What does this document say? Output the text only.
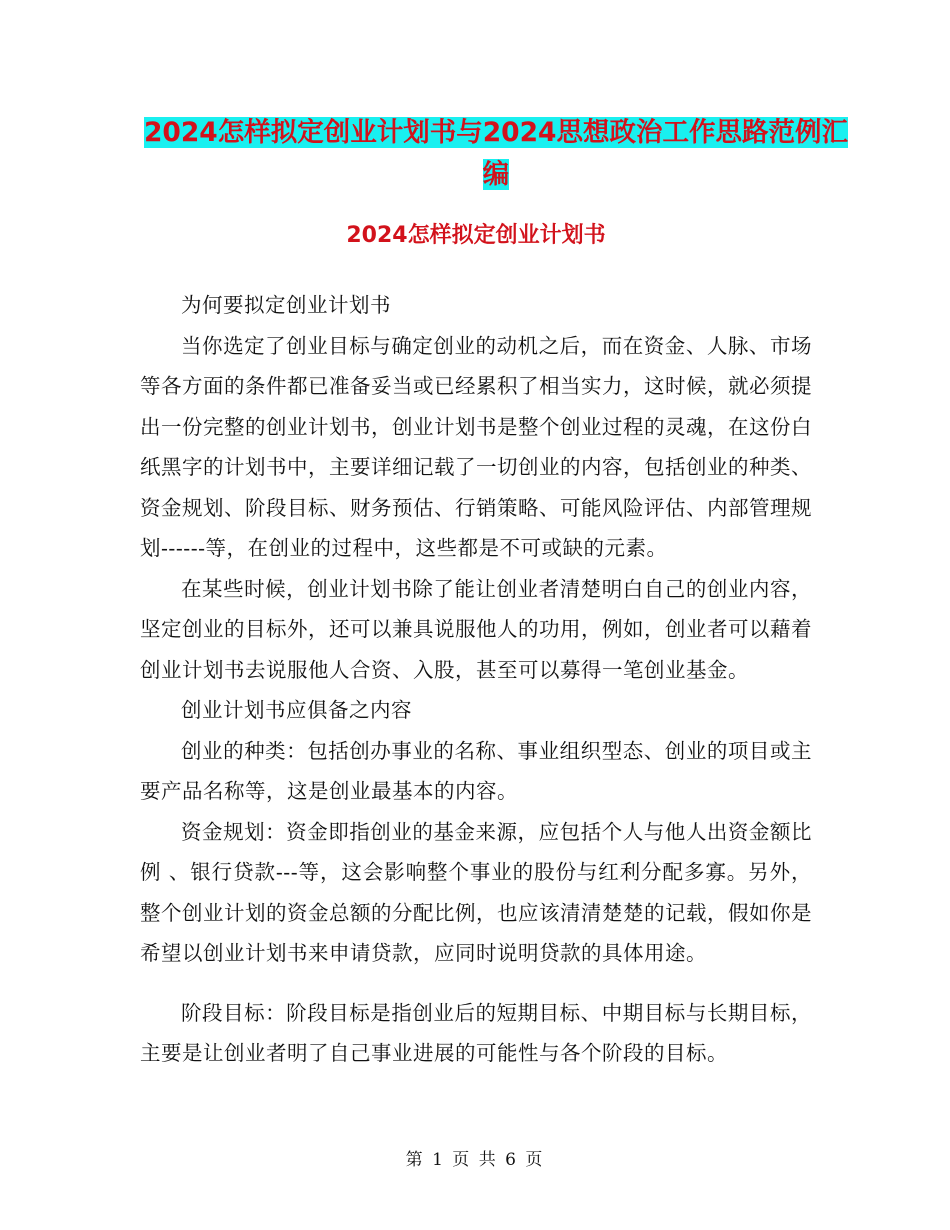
2024怎样拟定创业计划书与2024思想政治工作思路范例汇编
2024怎样拟定创业计划书

为何要拟定创业计划书

当你选定了创业目标与确定创业的动机之后，而在资金、人脉、市场等各方面的条件都已准备妥当或已经累积了相当实力，这时候，就必须提出一份完整的创业计划书，创业计划书是整个创业过程的灵魂，在这份白纸黑字的计划书中，主要详细记载了一切创业的内容，包括创业的种类、资金规划、阶段目标、财务预估、行销策略、可能风险评估、内部管理规划------等，在创业的过程中，这些都是不可或缺的元素。

在某些时候，创业计划书除了能让创业者清楚明白自己的创业内容，坚定创业的目标外，还可以兼具说服他人的功用，例如，创业者可以藉着创业计划书去说服他人合资、入股，甚至可以募得一笔创业基金。

创业计划书应俱备之内容

创业的种类：包括创办事业的名称、事业组织型态、创业的项目或主要产品名称等，这是创业最基本的内容。

资金规划：资金即指创业的基金来源，应包括个人与他人出资金额比例 、银行贷款---等，这会影响整个事业的股份与红利分配多寡。另外，整个创业计划的资金总额的分配比例，也应该清清楚楚的记载，假如你是希望以创业计划书来申请贷款，应同时说明贷款的具体用途。

阶段目标：阶段目标是指创业后的短期目标、中期目标与长期目标，主要是让创业者明了自己事业进展的可能性与各个阶段的目标。

第 1 页 共 6 页
